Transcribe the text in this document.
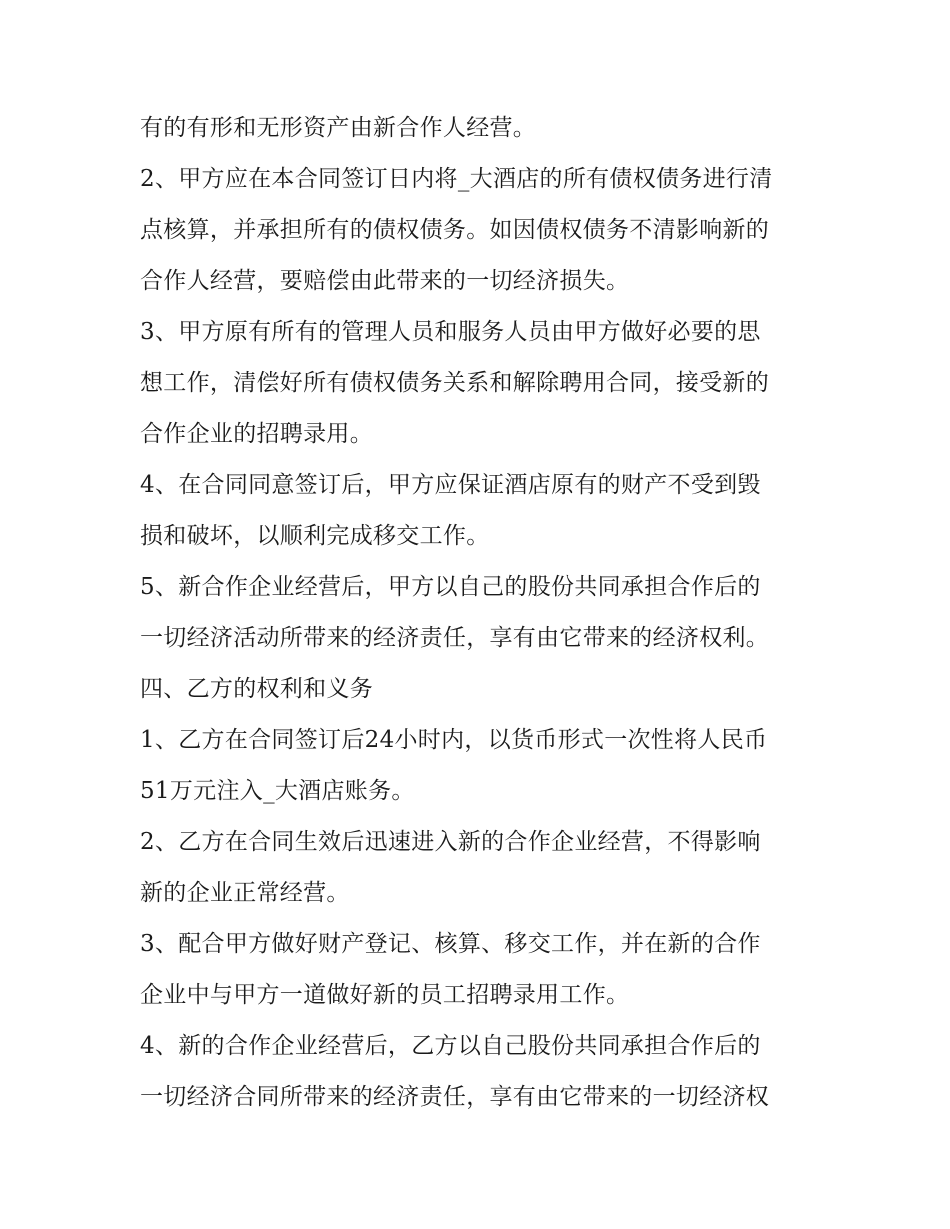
有的有形和无形资产由新合作人经营。
2、甲方应在本合同签订日内将_大酒店的所有债权债务进行清
点核算，并承担所有的债权债务。如因债权债务不清影响新的
合作人经营，要赔偿由此带来的一切经济损失。
3、甲方原有所有的管理人员和服务人员由甲方做好必要的思
想工作，清偿好所有债权债务关系和解除聘用合同，接受新的
合作企业的招聘录用。
4、在合同同意签订后，甲方应保证酒店原有的财产不受到毁
损和破坏，以顺利完成移交工作。
5、新合作企业经营后，甲方以自己的股份共同承担合作后的
一切经济活动所带来的经济责任，享有由它带来的经济权利。
四、乙方的权利和义务
1、乙方在合同签订后24小时内，以货币形式一次性将人民币
51万元注入_大酒店账务。
2、乙方在合同生效后迅速进入新的合作企业经营，不得影响
新的企业正常经营。
3、配合甲方做好财产登记、核算、移交工作，并在新的合作
企业中与甲方一道做好新的员工招聘录用工作。
4、新的合作企业经营后，乙方以自己股份共同承担合作后的
一切经济合同所带来的经济责任，享有由它带来的一切经济权
